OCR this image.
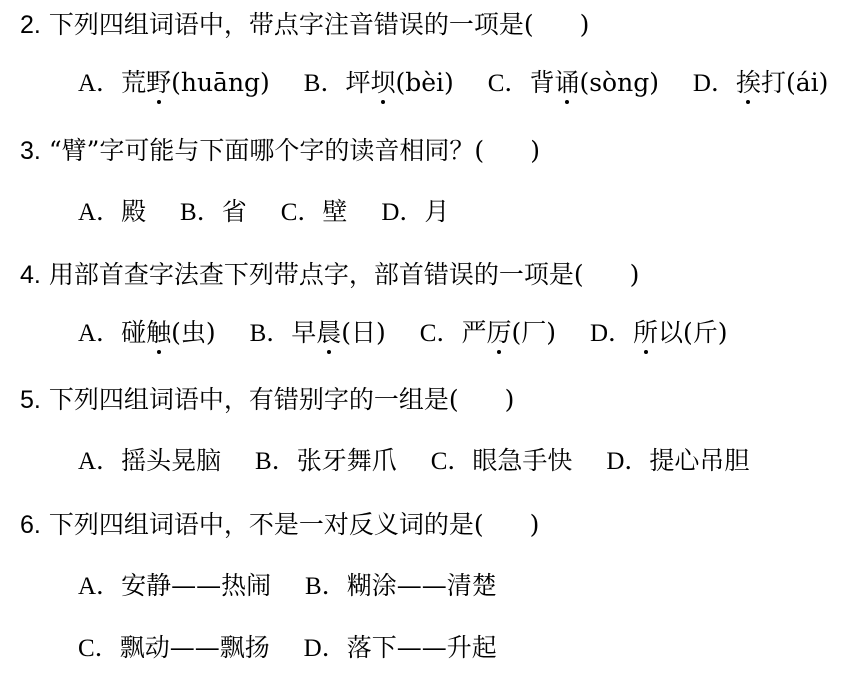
2. 下列四组词语中，带点字注音错误的一项是( )
A．荒野(huāng) B．坪坝(bèi) C．背诵(sòng) D．挨打(ái)
3. “臂”字可能与下面哪个字的读音相同？( )
A．殿 B．省 C．壁 D．月
4. 用部首查字法查下列带点字，部首错误的一项是( )
A．碰触(虫) B．早晨(日) C．严厉(厂) D．所以(斤)
5. 下列四组词语中，有错别字的一组是( )
A．摇头晃脑 B．张牙舞爪 C．眼急手快 D．提心吊胆
6. 下列四组词语中，不是一对反义词的是( )
A．安静——热闹 B．糊涂——清楚
C．飘动——飘扬 D．落下——升起
